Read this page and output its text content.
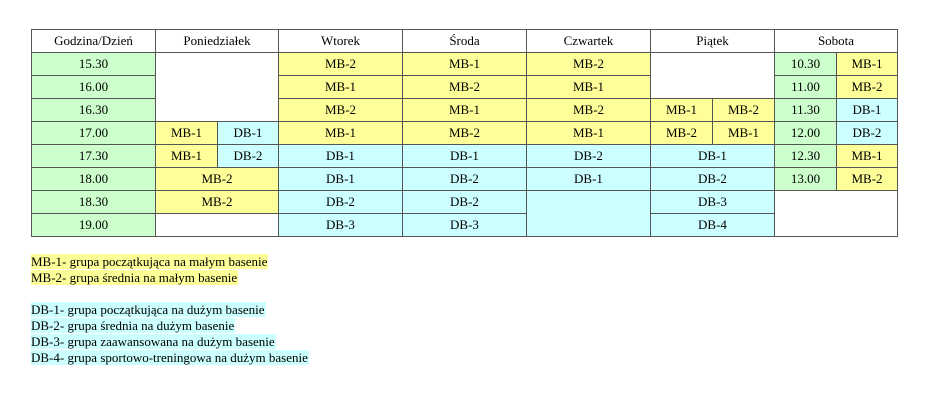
Godzina/Dzień	Poniedziałek		Wtorek	Środa	Czwartek	Piątek		Sobota	
15.30			MB-2	MB-1	MB-2			10.30	MB-1
16.00			MB-1	MB-2	MB-1			11.00	MB-2
16.30			MB-2	MB-1	MB-2	MB-1	MB-2	11.30	DB-1
17.00	MB-1	DB-1	MB-1	MB-2	MB-1	MB-2	MB-1	12.00	DB-2
17.30	MB-1	DB-2	DB-1	DB-1	DB-2	DB-1		12.30	MB-1
18.00	MB-2		DB-1	DB-2	DB-1	DB-2		13.00	MB-2
18.30	MB-2		DB-2	DB-2		DB-3			
19.00			DB-3	DB-3		DB-4			
MB-1- grupa początkująca na małym basenie
MB-2- grupa średnia na małym basenie
DB-1- grupa początkująca na dużym basenie
DB-2- grupa średnia na dużym basenie
DB-3- grupa zaawansowana na dużym basenie
DB-4- grupa sportowo-treningowa na dużym basenie
